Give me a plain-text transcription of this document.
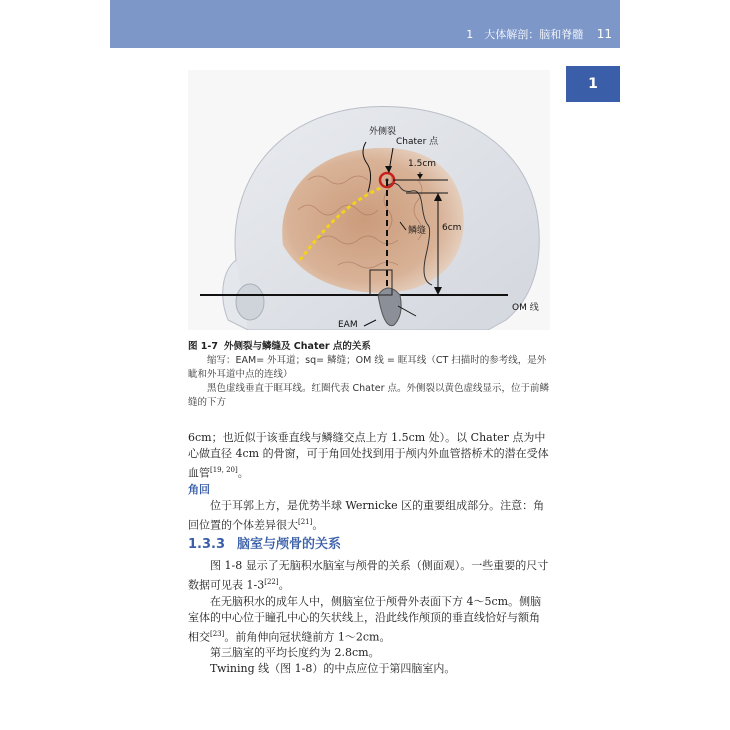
1　大体解剖：脑和脊髓 11
1
外侧裂
Chater 点
1.5cm
鳞缝 6cm
OM 线
EAM
图 1-7 外侧裂与鳞缝及 Chater 点的关系

缩写：EAM= 外耳道；sq= 鳞缝；OM 线 = 眶耳线（CT 扫描时的参考线，是外眦和外耳道中点的连线）

黑色虚线垂直于眶耳线。红圈代表 Chater 点。外侧裂以黄色虚线显示，位于前鳞缝的下方

6cm；也近似于该垂直线与鳞缝交点上方 1.5cm 处）。以 Chater 点为中心做直径 4cm 的骨窗，可于角回处找到用于颅内外血管搭桥术的潜在受体血管[19, 20]。

角回

位于耳郭上方，是优势半球 Wernicke 区的重要组成部分。注意：角回位置的个体差异很大[21]。

1.3.3 脑室与颅骨的关系

图 1-8 显示了无脑积水脑室与颅骨的关系（侧面观）。一些重要的尺寸数据可见表 1-3[22]。

在无脑积水的成年人中，侧脑室位于颅骨外表面下方 4～5cm。侧脑室体的中心位于瞳孔中心的矢状线上，沿此线作颅顶的垂直线恰好与额角相交[23]。前角伸向冠状缝前方 1～2cm。

第三脑室的平均长度约为 2.8cm。

Twining 线（图 1-8）的中点应位于第四脑室内。
